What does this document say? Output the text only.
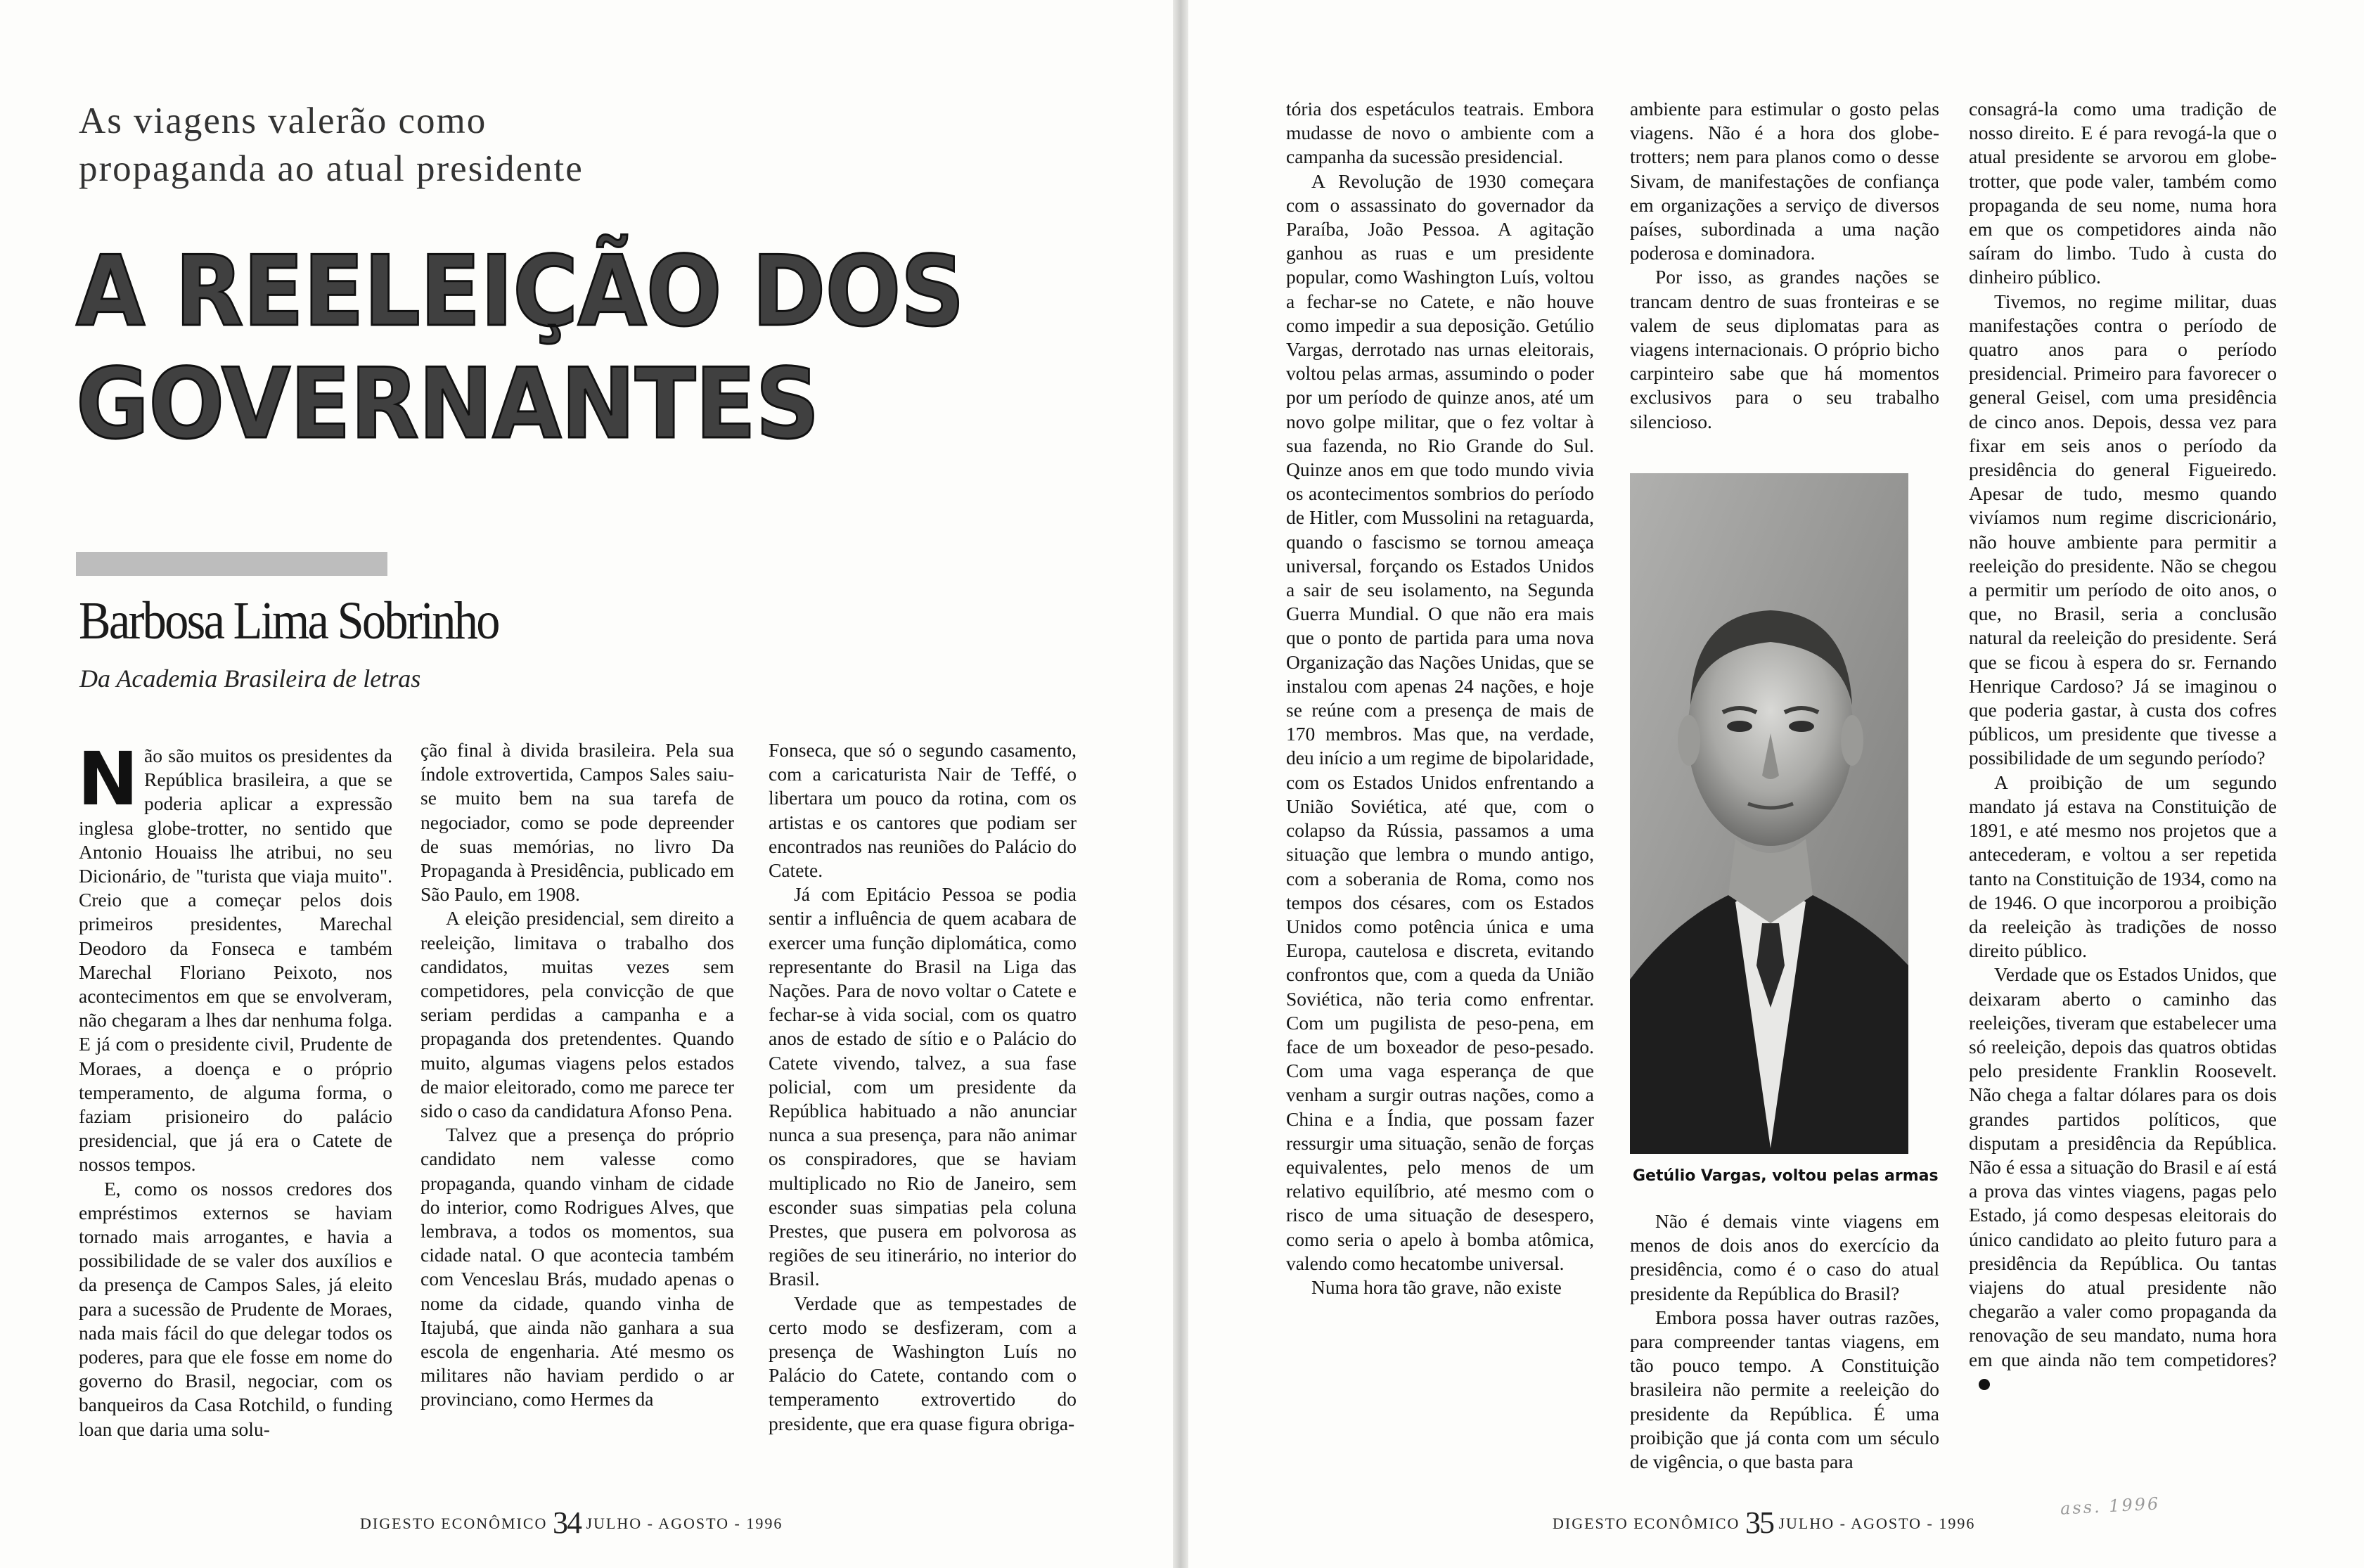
As viagens valerão como
propaganda ao atual presidente
A REELEIÇÃO DOS
GOVERNANTES
Barbosa Lima Sobrinho
Da Academia Brasileira de letras

Não são muitos os presidentes da República brasileira, a que se poderia aplicar a expressão inglesa globe-trotter, no sentido que Antonio Houaiss lhe atribui, no seu Dicionário, de "turista que viaja muito". Creio que a começar pelos dois primeiros presidentes, Marechal Deodoro da Fonseca e também Marechal Floriano Peixoto, nos acontecimentos em que se envolveram, não chegaram a lhes dar nenhuma folga. E já com o presidente civil, Prudente de Moraes, a doença e o próprio temperamento, de alguma forma, o faziam prisioneiro do palácio presidencial, que já era o Catete de nossos tempos.

E, como os nossos credores dos empréstimos externos se haviam tornado mais arrogantes, e havia a possibilidade de se valer dos auxílios e da presença de Campos Sales, já eleito para a sucessão de Prudente de Moraes, nada mais fácil do que delegar todos os poderes, para que ele fosse em nome do governo do Brasil, negociar, com os banqueiros da Casa Rotchild, o funding loan que daria uma solu-

ção final à divida brasileira. Pela sua índole extrovertida, Campos Sales saiu-se muito bem na sua tarefa de negociador, como se pode depreender de suas memórias, no livro Da Propaganda à Presidência, publicado em São Paulo, em 1908.

A eleição presidencial, sem direito a reeleição, limitava o trabalho dos candidatos, muitas vezes sem competidores, pela convicção de que seriam perdidas a campanha e a propaganda dos pretendentes. Quando muito, algumas viagens pelos estados de maior eleitorado, como me parece ter sido o caso da candidatura Afonso Pena.

Talvez que a presença do próprio candidato nem valesse como propaganda, quando vinham de cidade do interior, como Rodrigues Alves, que lembrava, a todos os momentos, sua cidade natal. O que acontecia também com Venceslau Brás, mudado apenas o nome da cidade, quando vinha de Itajubá, que ainda não ganhara a sua escola de engenharia. Até mesmo os militares não haviam perdido o ar provinciano, como Hermes da

Fonseca, que só o segundo casamento, com a caricaturista Nair de Teffé, o libertara um pouco da rotina, com os artistas e os cantores que podiam ser encontrados nas reuniões do Palácio do Catete.

Já com Epitácio Pessoa se podia sentir a influência de quem acabara de exercer uma função diplomática, como representante do Brasil na Liga das Nações. Para de novo voltar o Catete e fechar-se à vida social, com os quatro anos de estado de sítio e o Palácio do Catete vivendo, talvez, a sua fase policial, com um presidente da República habituado a não anunciar nunca a sua presença, para não animar os conspiradores, que se haviam multiplicado no Rio de Janeiro, sem esconder suas simpatias pela coluna Prestes, que pusera em polvorosa as regiões de seu itinerário, no interior do Brasil.

Verdade que as tempestades de certo modo se desfizeram, com a presença de Washington Luís no Palácio do Catete, contando com o temperamento extrovertido do presidente, que era quase figura obriga-

DIGESTO ECONÔMICO 34 JULHO - AGOSTO - 1996

tória dos espetáculos teatrais. Embora mudasse de novo o ambiente com a campanha da sucessão presidencial.

A Revolução de 1930 começara com o assassinato do governador da Paraíba, João Pessoa. A agitação ganhou as ruas e um presidente popular, como Washington Luís, voltou a fechar-se no Catete, e não houve como impedir a sua deposição. Getúlio Vargas, derrotado nas urnas eleitorais, voltou pelas armas, assumindo o poder por um período de quinze anos, até um novo golpe militar, que o fez voltar à sua fazenda, no Rio Grande do Sul. Quinze anos em que todo mundo vivia os acontecimentos sombrios do período de Hitler, com Mussolini na retaguarda, quando o fascismo se tornou ameaça universal, forçando os Estados Unidos a sair de seu isolamento, na Segunda Guerra Mundial. O que não era mais que o ponto de partida para uma nova Organização das Nações Unidas, que se instalou com apenas 24 nações, e hoje se reúne com a presença de mais de 170 membros. Mas que, na verdade, deu início a um regime de bipolaridade, com os Estados Unidos enfrentando a União Soviética, até que, com o colapso da Rússia, passamos a uma situação que lembra o mundo antigo, com a soberania de Roma, como nos tempos dos césares, com os Estados Unidos como potência única e uma Europa, cautelosa e discreta, evitando confrontos que, com a queda da União Soviética, não teria como enfrentar. Com um pugilista de peso-pena, em face de um boxeador de peso-pesado. Com uma vaga esperança de que venham a surgir outras nações, como a China e a Índia, que possam fazer ressurgir uma situação, senão de forças equivalentes, pelo menos de um relativo equilíbrio, até mesmo com o risco de uma situação de desespero, como seria o apelo à bomba atômica, valendo como hecatombe universal.

Numa hora tão grave, não existe

ambiente para estimular o gosto pelas viagens. Não é a hora dos globe-trotters; nem para planos como o desse Sivam, de manifestações de confiança em organizações a serviço de diversos países, subordinada a uma nação poderosa e dominadora.

Por isso, as grandes nações se trancam dentro de suas fronteiras e se valem de seus diplomatas para as viagens internacionais. O próprio bicho carpinteiro sabe que há momentos exclusivos para o seu trabalho silencioso.

Getúlio Vargas, voltou pelas armas

Não é demais vinte viagens em menos de dois anos do exercício da presidência, como é o caso do atual presidente da República do Brasil?

Embora possa haver outras razões, para compreender tantas viagens, em tão pouco tempo. A Constituição brasileira não permite a reeleição do presidente da República. É uma proibição que já conta com um século de vigência, o que basta para

consagrá-la como uma tradição de nosso direito. E é para revogá-la que o atual presidente se arvorou em globe-trotter, que pode valer, também como propaganda de seu nome, numa hora em que os competidores ainda não saíram do limbo. Tudo à custa do dinheiro público.

Tivemos, no regime militar, duas manifestações contra o período de quatro anos para o período presidencial. Primeiro para favorecer o general Geisel, com uma presidência de cinco anos. Depois, dessa vez para fixar em seis anos o período da presidência do general Figueiredo. Apesar de tudo, mesmo quando vivíamos num regime discricionário, não houve ambiente para permitir a reeleição do presidente. Não se chegou a permitir um período de oito anos, o que, no Brasil, seria a conclusão natural da reeleição do presidente. Será que se ficou à espera do sr. Fernando Henrique Cardoso? Já se imaginou o que poderia gastar, à custa dos cofres públicos, um presidente que tivesse a possibilidade de um segundo período?

A proibição de um segundo mandato já estava na Constituição de 1891, e até mesmo nos projetos que a antecederam, e voltou a ser repetida tanto na Constituição de 1934, como na de 1946. O que incorporou a proibição da reeleição às tradições de nosso direito público.

Verdade que os Estados Unidos, que deixaram aberto o caminho das reeleições, tiveram que estabelecer uma só reeleição, depois das quatros obtidas pelo presidente Franklin Roosevelt. Não chega a faltar dólares para os dois grandes partidos políticos, que disputam a presidência da República. Não é essa a situação do Brasil e aí está a prova das vintes viagens, pagas pelo Estado, já como despesas eleitorais do único candidato ao pleito futuro para a presidência da República. Ou tantas viajens do atual presidente não chegarão a valer como propaganda da renovação de seu mandato, numa hora em que ainda não tem competidores?

DIGESTO ECONÔMICO 35 JULHO - AGOSTO - 1996
ass. 1996
